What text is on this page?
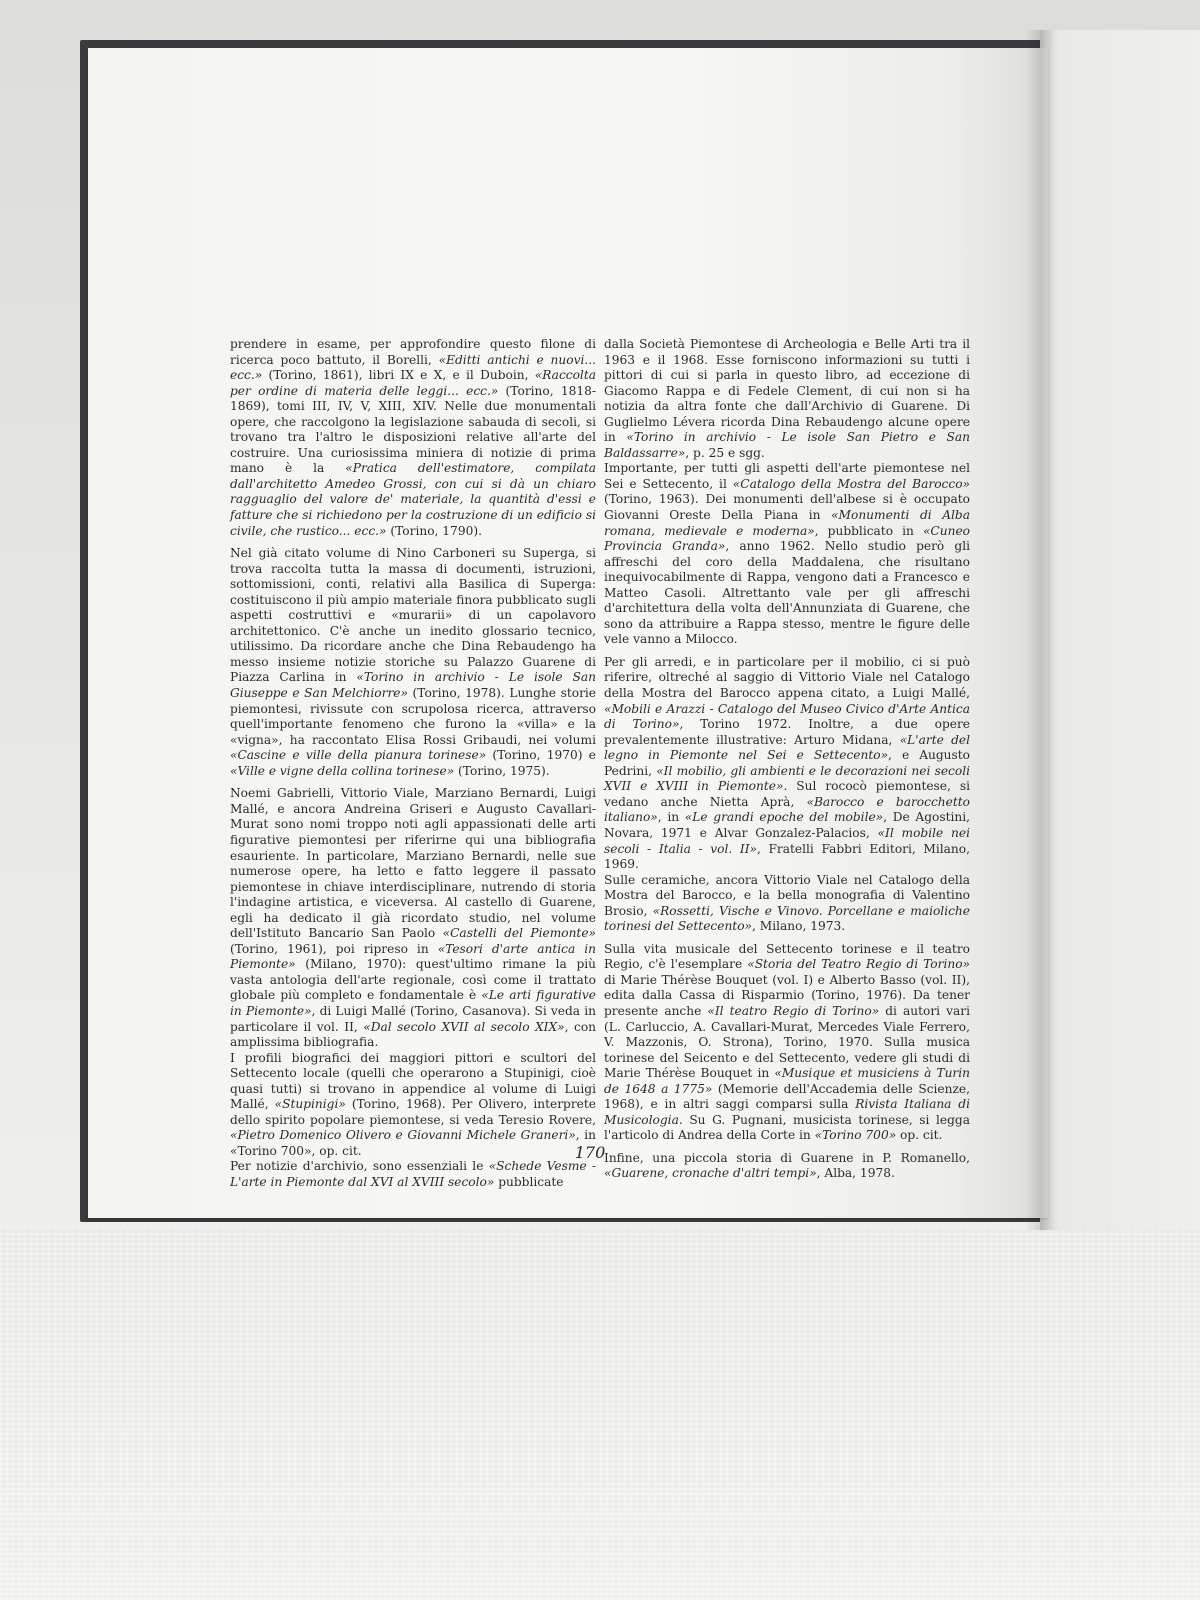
prendere in esame, per approfondire questo filone di ricerca poco battuto, il Borelli, «Editti antichi e nuovi... ecc.» (Torino, 1861), libri IX e X, e il Duboin, «Raccolta per ordine di materia delle leggi... ecc.» (Torino, 1818-1869), tomi III, IV, V, XIII, XIV. Nelle due monumentali opere, che raccolgono la legislazione sabauda di secoli, si trovano tra l'altro le disposizioni relative all'arte del costruire. Una curiosissima miniera di notizie di prima mano è la «Pratica dell'estimatore, compilata dall'architetto Amedeo Grossi, con cui si dà un chiaro ragguaglio del valore de' materiale, la quantità d'essi e fatture che si richiedono per la costruzione di un edificio si civile, che rustico... ecc.» (Torino, 1790).

Nel già citato volume di Nino Carboneri su Superga, si trova raccolta tutta la massa di documenti, istruzioni, sottomissioni, conti, relativi alla Basilica di Superga: costituiscono il più ampio materiale finora pubblicato sugli aspetti costruttivi e «murarii» di un capolavoro architettonico. C'è anche un inedito glossario tecnico, utilissimo. Da ricordare anche che Dina Rebaudengo ha messo insieme notizie storiche su Palazzo Guarene di Piazza Carlina in «Torino in archivio - Le isole San Giuseppe e San Melchiorre» (Torino, 1978). Lunghe storie piemontesi, rivissute con scrupolosa ricerca, attraverso quell'importante fenomeno che furono la «villa» e la «vigna», ha raccontato Elisa Rossi Gribaudi, nei volumi «Cascine e ville della pianura torinese» (Torino, 1970) e «Ville e vigne della collina torinese» (Torino, 1975).

Noemi Gabrielli, Vittorio Viale, Marziano Bernardi, Luigi Mallé, e ancora Andreina Griseri e Augusto Cavallari-Murat sono nomi troppo noti agli appassionati delle arti figurative piemontesi per riferirne qui una bibliografia esauriente. In particolare, Marziano Bernardi, nelle sue numerose opere, ha letto e fatto leggere il passato piemontese in chiave interdisciplinare, nutrendo di storia l'indagine artistica, e viceversa. Al castello di Guarene, egli ha dedicato il già ricordato studio, nel volume dell'Istituto Bancario San Paolo «Castelli del Piemonte» (Torino, 1961), poi ripreso in «Tesori d'arte antica in Piemonte» (Milano, 1970): quest'ultimo rimane la più vasta antologia dell'arte regionale, così come il trattato globale più completo e fondamentale è «Le arti figurative in Piemonte», di Luigi Mallé (Torino, Casanova). Si veda in particolare il vol. II, «Dal secolo XVII al secolo XIX», con amplissima bibliografia.

I profili biografici dei maggiori pittori e scultori del Settecento locale (quelli che operarono a Stupinigi, cioè quasi tutti) si trovano in appendice al volume di Luigi Mallé, «Stupinigi» (Torino, 1968). Per Olivero, interprete dello spirito popolare piemontese, si veda Teresio Rovere, «Pietro Domenico Olivero e Giovanni Michele Graneri», in «Torino 700», op. cit.

Per notizie d'archivio, sono essenziali le «Schede Vesme - L'arte in Piemonte dal XVI al XVIII secolo» pubblicate

dalla Società Piemontese di Archeologia e Belle Arti tra il 1963 e il 1968. Esse forniscono informazioni su tutti i pittori di cui si parla in questo libro, ad eccezione di Giacomo Rappa e di Fedele Clement, di cui non si ha notizia da altra fonte che dall'Archivio di Guarene. Di Guglielmo Lévera ricorda Dina Rebaudengo alcune opere in «Torino in archivio - Le isole San Pietro e San Baldassarre», p. 25 e sgg.

Importante, per tutti gli aspetti dell'arte piemontese nel Sei e Settecento, il «Catalogo della Mostra del Barocco» (Torino, 1963). Dei monumenti dell'albese si è occupato Giovanni Oreste Della Piana in «Monumenti di Alba romana, medievale e moderna», pubblicato in «Cuneo Provincia Granda», anno 1962. Nello studio però gli affreschi del coro della Maddalena, che risultano inequivocabilmente di Rappa, vengono dati a Francesco e Matteo Casoli. Altrettanto vale per gli affreschi d'architettura della volta dell'Annunziata di Guarene, che sono da attribuire a Rappa stesso, mentre le figure delle vele vanno a Milocco.

Per gli arredi, e in particolare per il mobilio, ci si può riferire, oltreché al saggio di Vittorio Viale nel Catalogo della Mostra del Barocco appena citato, a Luigi Mallé, «Mobili e Arazzi - Catalogo del Museo Civico d'Arte Antica di Torino», Torino 1972. Inoltre, a due opere prevalentemente illustrative: Arturo Midana, «L'arte del legno in Piemonte nel Sei e Settecento», e Augusto Pedrini, «Il mobilio, gli ambienti e le decorazioni nei secoli XVII e XVIII in Piemonte». Sul rococò piemontese, si vedano anche Nietta Aprà, «Barocco e barocchetto italiano», in «Le grandi epoche del mobile», De Agostini, Novara, 1971 e Alvar Gonzalez-Palacios, «Il mobile nei secoli - Italia - vol. II», Fratelli Fabbri Editori, Milano, 1969.

Sulle ceramiche, ancora Vittorio Viale nel Catalogo della Mostra del Barocco, e la bella monografia di Valentino Brosio, «Rossetti, Vische e Vinovo. Porcellane e maioliche torinesi del Settecento», Milano, 1973.

Sulla vita musicale del Settecento torinese e il teatro Regio, c'è l'esemplare «Storia del Teatro Regio di Torino» di Marie Thérèse Bouquet (vol. I) e Alberto Basso (vol. II), edita dalla Cassa di Risparmio (Torino, 1976). Da tener presente anche «Il teatro Regio di Torino» di autori vari (L. Carluccio, A. Cavallari-Murat, Mercedes Viale Ferrero, V. Mazzonis, O. Strona), Torino, 1970. Sulla musica torinese del Seicento e del Settecento, vedere gli studi di Marie Thérèse Bouquet in «Musique et musiciens à Turin de 1648 a 1775» (Memorie dell'Accademia delle Scienze, 1968), e in altri saggi comparsi sulla Rivista Italiana di Musicologia. Su G. Pugnani, musicista torinese, si legga l'articolo di Andrea della Corte in «Torino 700» op. cit.

Infine, una piccola storia di Guarene in P. Romanello, «Guarene, cronache d'altri tempi», Alba, 1978.

170
